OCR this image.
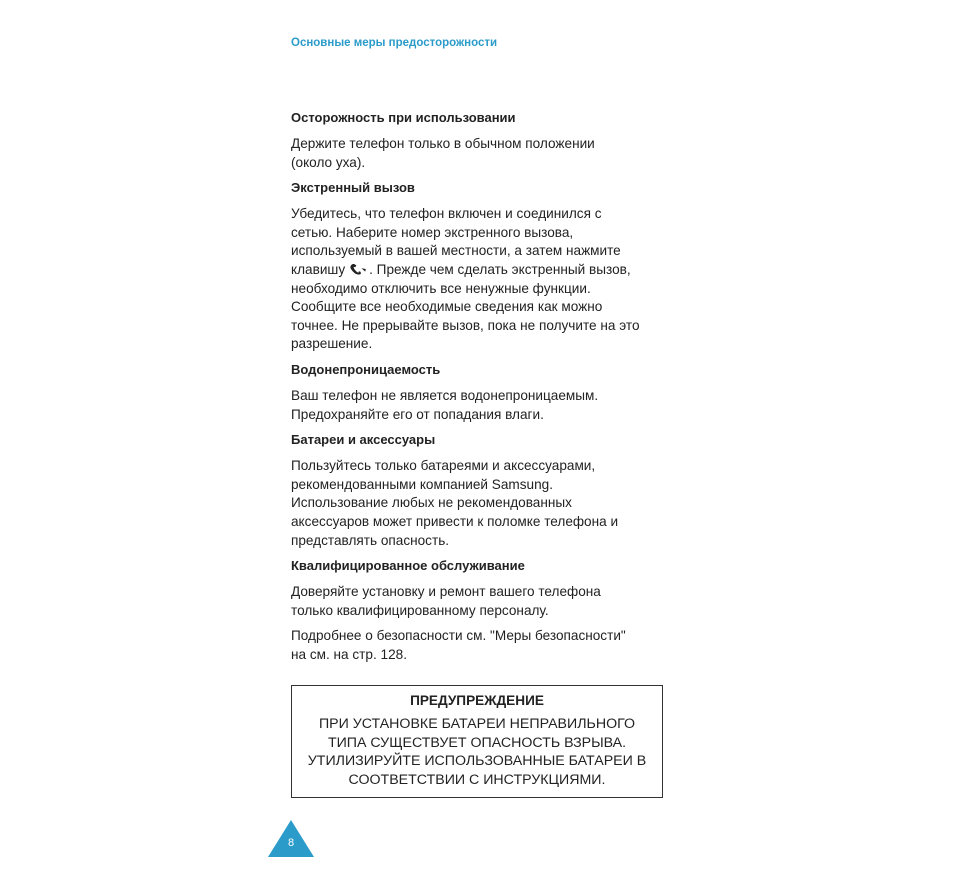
Основные меры предосторожности
Осторожность при использовании
Держите телефон только в обычном положении
(около уха).
Экстренный вызов
Убедитесь, что телефон включен и соединился с
сетью. Наберите номер экстренного вызова,
используемый в вашей местности, а затем нажмите
клавишу . Прежде чем сделать экстренный вызов,
необходимо отключить все ненужные функции.
Сообщите все необходимые сведения как можно
точнее. Не прерывайте вызов, пока не получите на это
разрешение.
Водонепроницаемость
Ваш телефон не является водонепроницаемым.
Предохраняйте его от попадания влаги.
Батареи и аксессуары
Пользуйтесь только батареями и аксессуарами,
рекомендованными компанией Samsung.
Использование любых не рекомендованных
аксессуаров может привести к поломке телефона и
представлять опасность.
Квалифицированное обслуживание
Доверяйте установку и ремонт вашего телефона
только квалифицированному персоналу.
Подробнее о безопасности см. "Меры безопасности"
на см. на стр. 128.
ПРЕДУПРЕЖДЕНИЕ
ПРИ УСТАНОВКЕ БАТАРЕИ НЕПРАВИЛЬНОГО
ТИПА СУЩЕСТВУЕТ ОПАСНОСТЬ ВЗРЫВА.
УТИЛИЗИРУЙТЕ ИСПОЛЬЗОВАННЫЕ БАТАРЕИ В
СООТВЕТСТВИИ С ИНСТРУКЦИЯМИ.
8
